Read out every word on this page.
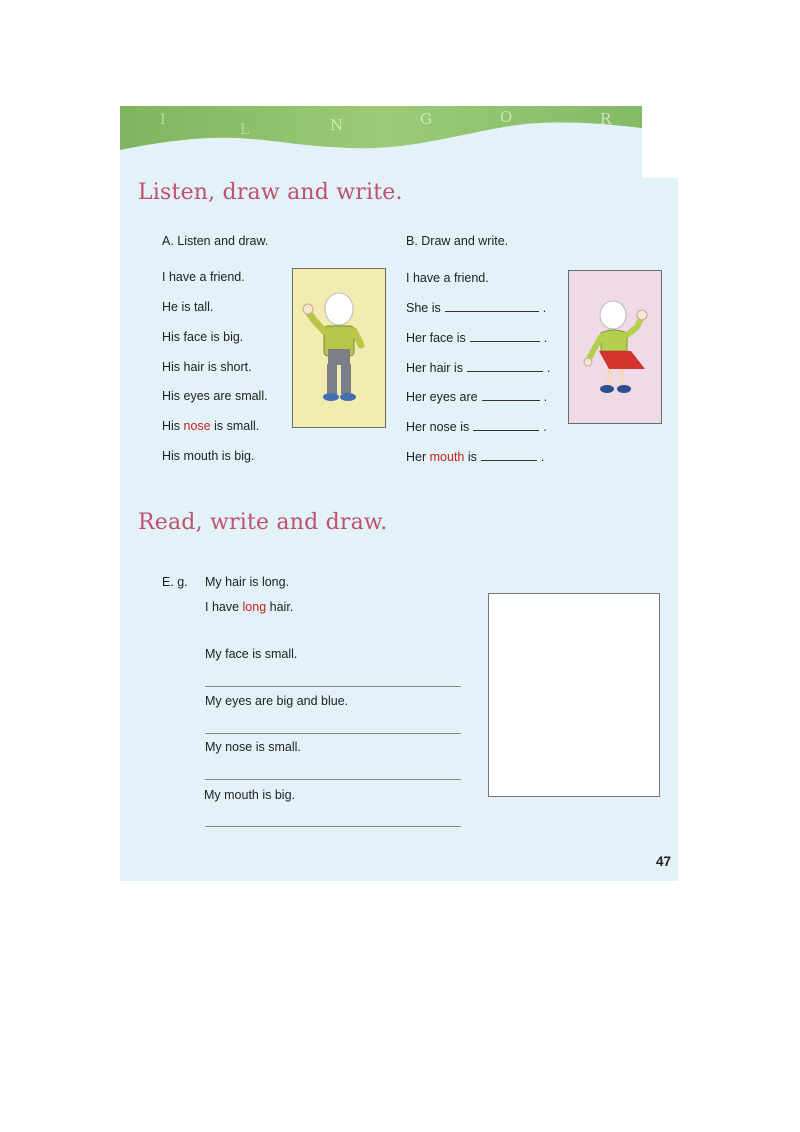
I
L	N	G	O	R
Listen, draw and write.
A. Listen and draw.
I have a friend.
He is tall.
His face is big.
His hair is short.
His eyes are small.
His nose is small.
His mouth is big.
B. Draw and write.
I have a friend.
She is	.
Her face is	.
Her hair is	.
Her eyes are	.
Her nose is	.
Her mouth is	.
Read, write and draw.
E. g. My hair is long.
I have long hair.
My face is small.
My eyes are big and blue.
My nose is small.
My mouth is big.
47
